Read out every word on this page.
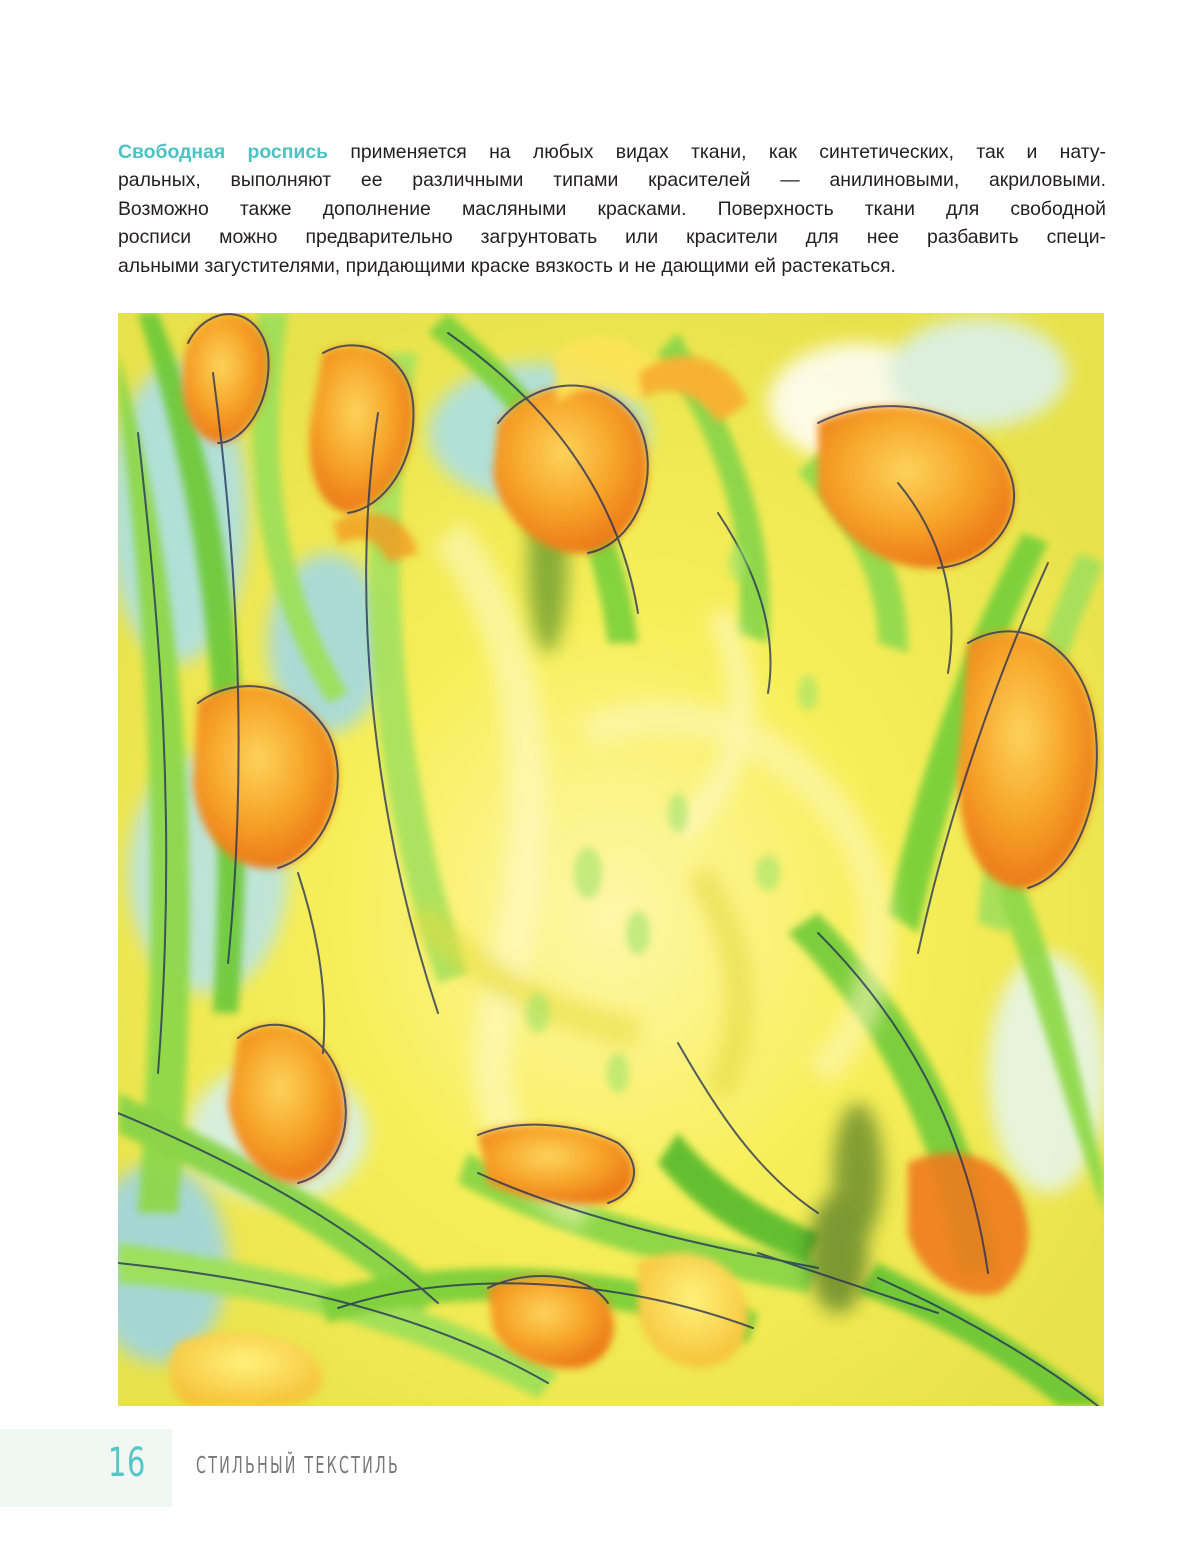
Свободная роспись применяется на любых видах ткани, как синтетических, так и нату-
ральных, выполняют ее различными типами красителей — анилиновыми, акриловыми.
Возможно также дополнение масляными красками. Поверхность ткани для свободной
росписи можно предварительно загрунтовать или красители для нее разбавить специ-
альными загустителями, придающими краске вязкость и не дающими ей растекаться.

16 СТИЛЬНЫЙ ТЕКСТИЛЬ
